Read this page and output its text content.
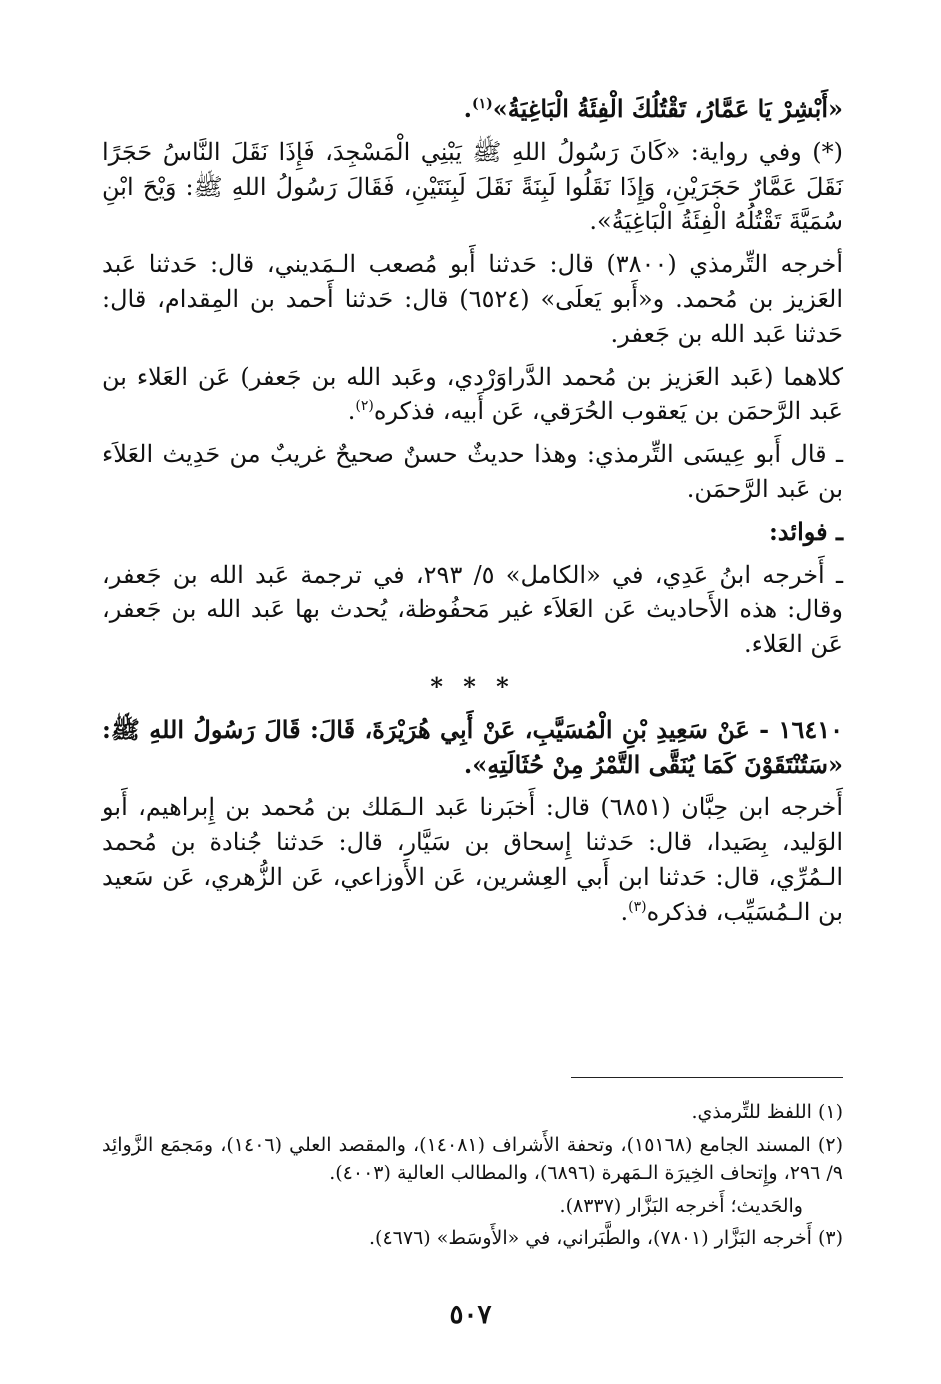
«أَبْشِرْ يَا عَمَّارُ، تَقْتُلُكَ الْفِئَةُ الْبَاغِيَةُ»$^{(١)}$.

(*) وفي رواية: «كَانَ رَسُولُ اللهِ ﷺ يَبْنِي الْمَسْجِدَ، فَإِذَا نَقَلَ النَّاسُ حَجَرًا نَقَلَ عَمَّارٌ حَجَرَيْنِ، وَإِذَا نَقَلُوا لَبِنَةً نَقَلَ لَبِنَتَيْنِ، فَقَالَ رَسُولُ اللهِ ﷺ: وَيْحَ ابْنِ سُمَيَّةَ تَقْتُلُهُ الْفِئَةُ الْبَاغِيَةُ».

أخرجه التِّرمذي (٣٨٠٠) قال: حَدثنا أَبو مُصعب الـمَديني، قال: حَدثنا عَبد العَزيز بن مُحمد. و«أَبو يَعلَى» (٦٥٢٤) قال: حَدثنا أَحمد بن المِقدام، قال: حَدثنا عَبد الله بن جَعفر.

كلاهما (عَبد العَزيز بن مُحمد الدَّراوَرْدي، وعَبد الله بن جَعفر) عَن العَلاء بن عَبد الرَّحمَن بن يَعقوب الحُرَقي، عَن أَبيه، فذكره$^{(٢)}$.

ـ قال أَبو عِيسَى التِّرمذي: وهذا حديثٌ حسنٌ صحيحٌ غريبٌ من حَدِيث العَلاَء بن عَبد الرَّحمَن.

ـ فوائد:

ـ أَخرجه ابنُ عَدِي، في «الكامل» ٥/ ٢٩٣، في ترجمة عَبد الله بن جَعفر، وقال: هذه الأَحاديث عَن العَلاَء غير مَحفُوظة، يُحدث بها عَبد الله بن جَعفر، عَن العَلاء.

* * *

١٦٤١٠ - عَنْ سَعِيدِ بْنِ الْمُسَيَّبِ، عَنْ أَبِي هُرَيْرَةَ، قَالَ: قَالَ رَسُولُ اللهِ ﷺ: «سَتُنْتَقَوْنَ كَمَا يُنَقَّى التَّمْرُ مِنْ حُثَالَتِهِ».

أَخرجه ابن حِبَّان (٦٨٥١) قال: أَخبَرنا عَبد الـمَلك بن مُحمد بن إِبراهيم، أَبو الوَليد، بِصَيدا، قال: حَدثنا إِسحاق بن سَيَّار، قال: حَدثنا جُنادة بن مُحمد الـمُرِّي، قال: حَدثنا ابن أَبي العِشرين، عَن الأَوزاعي، عَن الزُّهري، عَن سَعيد بن الـمُسَيِّب، فذكره$^{(٣)}$.

(١) اللفظ للتِّرمذي.

(٢) المسند الجامع (١٥١٦٨)، وتحفة الأَشراف (١٤٠٨١)، والمقصد العلي (١٤٠٦)، ومَجمَع الزَّوائِد ٩/ ٢٩٦، وإِتحاف الخِيرَة الـمَهرة (٦٨٩٦)، والمطالب العالية (٤٠٠٣).

والحَديث؛ أَخرجه البَزَّار (٨٣٣٧).

(٣) أَخرجه البَزَّار (٧٨٠١)، والطَّبَراني، في «الأَوسَط» (٤٦٧٦).

٥٠٧
